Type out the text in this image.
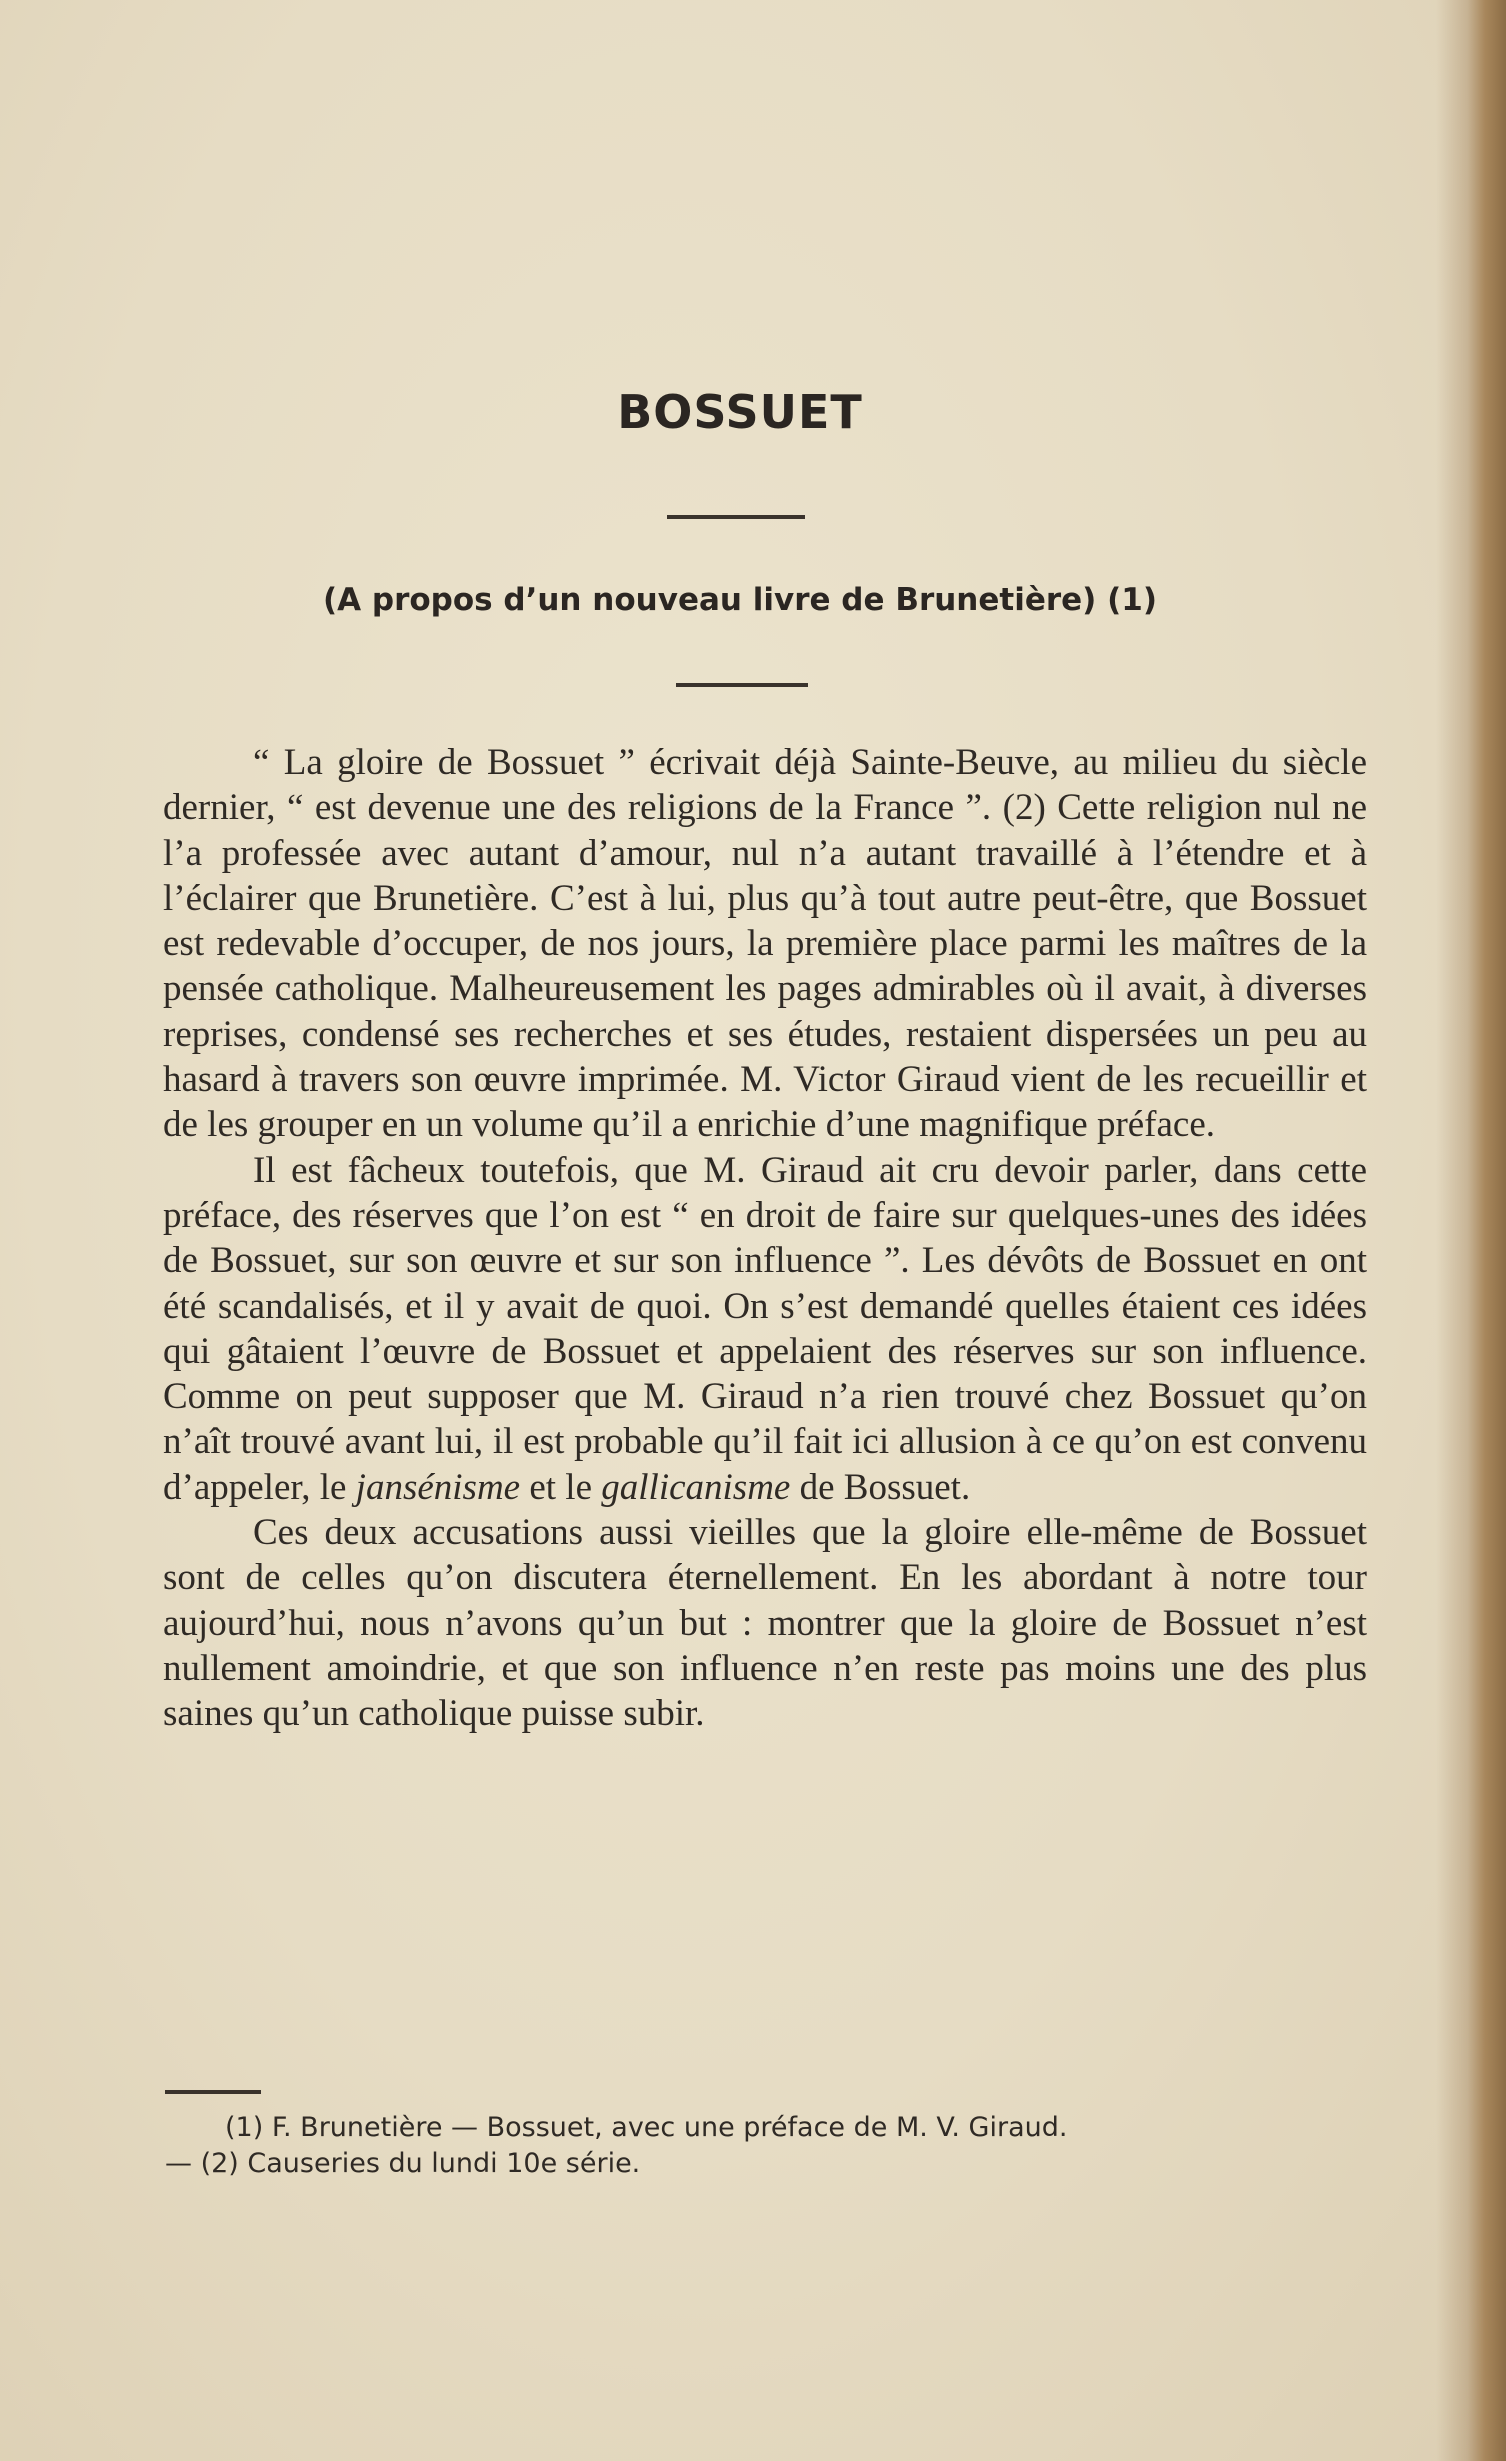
BOSSUET
(A propos d’un nouveau livre de Brunetière) (1)

“ La gloire de Bossuet ” écrivait déjà Sainte-Beuve, au milieu du siècle dernier, “ est devenue une des religions de la France ”. (2) Cette religion nul ne l’a professée avec autant d’amour, nul n’a autant travaillé à l’étendre et à l’éclairer que Brunetière. C’est à lui, plus qu’à tout autre peut-être, que Bossuet est redevable d’occuper, de nos jours, la première place parmi les maîtres de la pensée catholique. Malheureusement les pages admirables où il avait, à diverses reprises, condensé ses recherches et ses études, restaient dispersées un peu au hasard à travers son œuvre imprimée. M. Victor Giraud vient de les recueillir et de les grouper en un volume qu’il a enrichie d’une magnifique préface.

Il est fâcheux toutefois, que M. Giraud ait cru devoir parler, dans cette préface, des réserves que l’on est “ en droit de faire sur quelques-unes des idées de Bossuet, sur son œuvre et sur son influence ”. Les dévôts de Bossuet en ont été scandalisés, et il y avait de quoi. On s’est demandé quelles étaient ces idées qui gâtaient l’œuvre de Bossuet et appelaient des réserves sur son influence. Comme on peut supposer que M. Giraud n’a rien trouvé chez Bossuet qu’on n’aît trouvé avant lui, il est probable qu’il fait ici allusion à ce qu’on est convenu d’appeler, le jansénisme et le gallicanisme de Bossuet.

Ces deux accusations aussi vieilles que la gloire elle-même de Bossuet sont de celles qu’on discutera éternellement. En les abordant à notre tour aujourd’hui, nous n’avons qu’un but : montrer que la gloire de Bossuet n’est nullement amoindrie, et que son influence n’en reste pas moins une des plus saines qu’un catholique puisse subir.

(1) F. Brunetière — Bossuet, avec une préface de M. V. Giraud.
— (2) Causeries du lundi 10e série.
